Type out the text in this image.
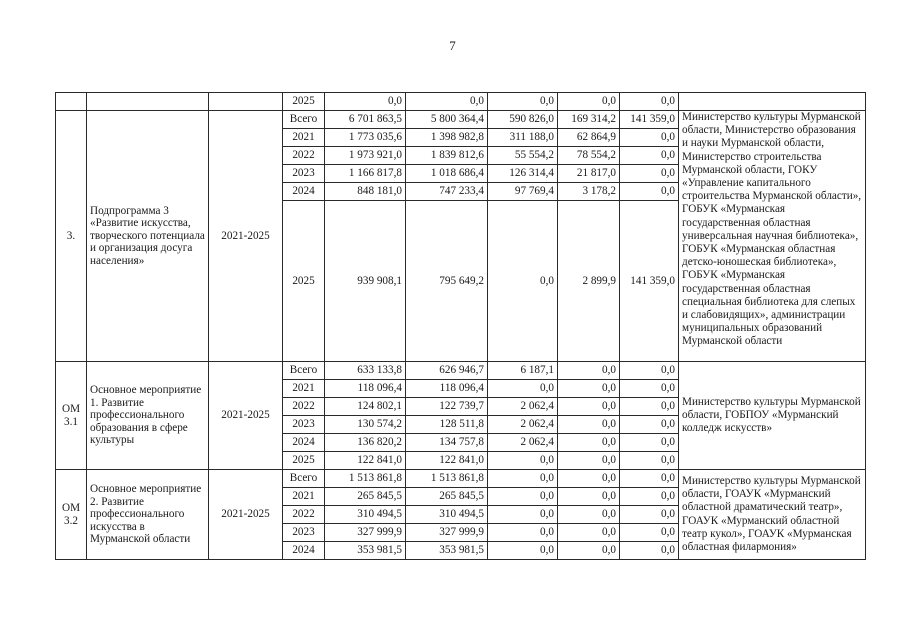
7
			2025	0,0	0,0	0,0	0,0	0,0	
3.	Подпрограмма 3 «Развитие искусства, творческого потенциала и организация досуга населения»	2021-2025	Всего	6 701 863,5	5 800 364,4	590 826,0	169 314,2	141 359,0	Министерство культуры Мурманской области, Министерство образования и науки Мурманской области, Министерство строительства Мурманской области, ГОКУ «Управление капитального строительства Мурманской области», ГОБУК «Мурманская государственная областная универсальная научная библиотека», ГОБУК «Мурманская областная детско-юношеская библиотека», ГОБУК «Мурманская государственная областная специальная библиотека для слепых и слабовидящих», администрации муниципальных образований Мурманской области
			2021	1 773 035,6	1 398 982,8	311 188,0	62 864,9	0,0	
			2022	1 973 921,0	1 839 812,6	55 554,2	78 554,2	0,0	
			2023	1 166 817,8	1 018 686,4	126 314,4	21 817,0	0,0	
			2024	848 181,0	747 233,4	97 769,4	3 178,2	0,0	
			2025	939 908,1	795 649,2	0,0	2 899,9	141 359,0	
ОМ 3.1	Основное мероприятие 1. Развитие профессионального образования в сфере культуры	2021-2025	Всего	633 133,8	626 946,7	6 187,1	0,0	0,0	Министерство культуры Мурманской области, ГОБПОУ «Мурманский колледж искусств»
			2021	118 096,4	118 096,4	0,0	0,0	0,0	
			2022	124 802,1	122 739,7	2 062,4	0,0	0,0	
			2023	130 574,2	128 511,8	2 062,4	0,0	0,0	
			2024	136 820,2	134 757,8	2 062,4	0,0	0,0	
			2025	122 841,0	122 841,0	0,0	0,0	0,0	
ОМ 3.2	Основное мероприятие 2. Развитие профессионального искусства в Мурманской области	2021-2025	Всего	1 513 861,8	1 513 861,8	0,0	0,0	0,0	Министерство культуры Мурманской области, ГОАУК «Мурманский областной драматический театр», ГОАУК «Мурманский областной театр кукол», ГОАУК «Мурманская областная филармония»
			2021	265 845,5	265 845,5	0,0	0,0	0,0	
			2022	310 494,5	310 494,5	0,0	0,0	0,0	
			2023	327 999,9	327 999,9	0,0	0,0	0,0	
			2024	353 981,5	353 981,5	0,0	0,0	0,0	
